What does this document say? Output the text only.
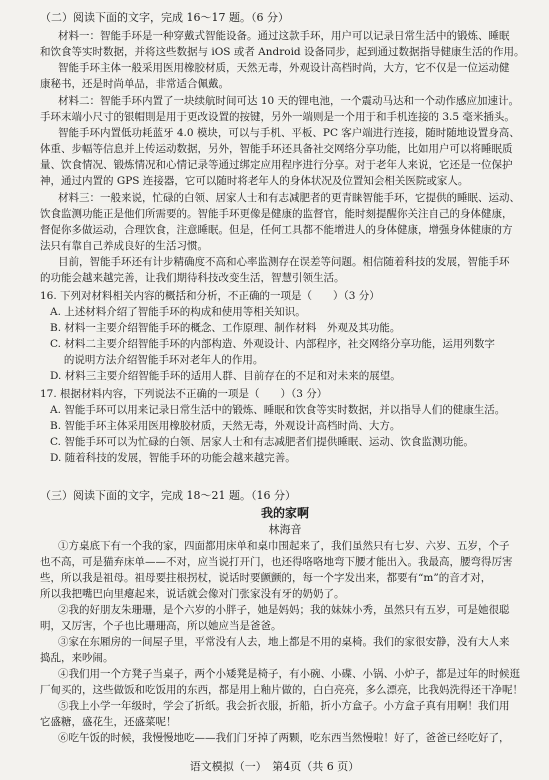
（二）阅读下面的文字，完成 16～17 题。（6 分）

材料一：智能手环是一种穿戴式智能设备。通过这款手环，用户可以记录日常生活中的锻炼、睡眠

和饮食等实时数据，并将这些数据与 iOS 或者 Android 设备同步，起到通过数据指导健康生活的作用。

智能手环主体一般采用医用橡胶材质，天然无毒，外观设计高档时尚，大方，它不仅是一位运动健

康秘书，还是时尚单品，非常适合佩戴。

材料二：智能手环内置了一块续航时间可达 10 天的锂电池，一个震动马达和一个动作感应加速计。

手环末端小尺寸的银帽則是用于更改设置的按键，另外一端则是一个用于和手机连接的 3.5 毫米插头。

智能手环内置低功耗蓝牙 4.0 模块，可以与手机、平板、PC 客户端进行连接，随时随地设置身高、

体重、步幅等信息并上传运动数据，另外，智能手环还具备社交网络分享功能，比如用户可以将睡眠质

量、饮食情况、锻炼情况和心情记录等通过绑定应用程序进行分享。对于老年人来说，它还是一位保护

神，通过内置的 GPS 连接器，它可以随时将老年人的身体状况及位置知会相关医院或家人。

材料三：一般来说，忙碌的白领、居家人士和有志减肥者的更青睐智能手环，它提供的睡眠、运动、

饮食监测功能正是他们所需要的。智能手环更像是健康的监督官，能时刻提醒你关注自己的身体健康，

督促你多做运动，合理饮食，注意睡眠。但是，任何工具都不能增进人的身体健康，增强身体健康的方

法只有靠自己养成良好的生活习惯。

目前，智能手环还有计步精确度不高和心率监测存在误差等问题。相信随着科技的发展，智能手环

的功能会越来越完善，让我们期待科技改变生活，智慧引领生活。

16. 下列对材料相关内容的概括和分析，不正确的一项是（　　）（3 分）

A. 上述材料介绍了智能手环的构成和使用等相关知识。

B. 材料一主要介绍智能手环的概念、工作原理、制作材料　外观及其功能。

C. 材料二主要介绍智能手环的内部构造、外观设计、内部程序，社交网络分享功能，运用列数字

　 的说明方法介绍智能手环对老年人的作用。

D. 材料三主要介绍智能手环的适用人群、目前存在的不足和对未来的展望。

17. 根据材料内容，下列说法不正确的一项是（　　）（3 分）

A. 智能手环可以用来记录日常生活中的锻炼、睡眠和饮食等实时数据，并以指导人们的健康生活。

B. 智能手环主体采用医用橡胶材质，天然无毒，外观设计高档时尚、大方。

C. 智能手环可以为忙碌的白领、居家人士和有志减肥者们提供睡眠、运动、饮食监测功能。

D. 随着科技的发展，智能手环的功能会越来越完善。

（三）阅读下面的文字，完成 18～21 题。（16 分）

我的家啊

林海音

①方桌底下有一个我的家，四面都用床单和桌巾围起来了，我们虽然只有七岁、六岁、五岁，个子

也不高，可是猫弃床单——不对，应当说打开门，也还得咯咯地弯下腰才能出入。我最高，腰弯得厉害

些，所以我是祖母。祖母要拄根拐杖，说话时要颤颤的，每一个字发出来，都要有“m”的音才对，

所以我把嘴巴向里瘪起来，说话就会像对门张家没有牙的奶奶了。

②我的好朋友朱珊珊，是个六岁的小胖子，她是妈妈；我的妹妹小秀，虽然只有五岁，可是她很聪

明，又厉害，个子也比珊珊高，所以她应当是爸爸。

③家在东厢房的一间屋子里，平常没有人去，地上都是不用的桌椅。我们的家很安静，没有大人来

捣乱，来吵闹。

④我们用一个方凳子当桌子，两个小矮凳是椅子，有小碗、小碟、小锅、小炉子，都是过年的时候逛

厂甸买的，这些做饭和吃饭用的东西，都是用上釉片做的，白白亮亮，多么漂亮，比我妈洗得还干净呢！

⑤我上小学一年级时，学会了折纸。我会折衣服，折船，折小方盒子。小方盒子真有用啊！我们用

它盛糖，盛花生，还盛菜呢！

⑥吃午饭的时候，我慢慢地吃——我们门牙掉了两颗，吃东西当然慢啦！好了，爸爸已经吃好了，

语文模拟（一）　第4页（共 6 页）
